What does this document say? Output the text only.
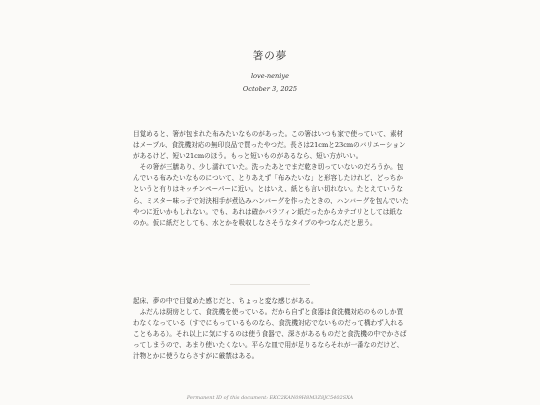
箸の夢
love-neniye
October 3, 2025

目覚めると、箸が包まれた布みたいなものがあった。この箸はいつも家で使っていて、素材はメープル、食洗機対応の無印良品で買ったやつだ。長さは21cmと23cmのバリエーションがあるけど、短い21cmのほう。もっと短いものがあるなら、短い方がいい。

その箸が三膳あり、少し濡れていた。洗ったあとでまだ乾き切っていないのだろうか。包んでいる布みたいなものについて、とりあえず「布みたいな」と形容したけれど、どっちかというと有りはキッチンペーパーに近い。とはいえ、紙とも言い切れない。たとえていうなら、ミスター味っ子で対決相手が煮込みハンバーグを作ったときの、ハンバーグを包んでいたやつに近いかもしれない。でも、あれは確かパラフィン紙だったからカテゴリとしては紙なのか。仮に紙だとしても、水とかを吸収しなさそうなタイプのやつなんだと思う。

起床、夢の中で目覚めた感じだと、ちょっと変な感じがある。

ふだんは厨房として、食洗機を使っている。だから自ずと食器は食洗機対応のものしか買わなくなっている（すでにもっているものなら、食洗機対応でないものだって構わず入れることもある）。それ以上に気にするのは使う食器で、深さがあるものだと食洗機の中でかさばってしまうので、あまり使いたくない。平らな皿で用が足りるならそれが一番なのだけど、汁物とかに使うならさすがに厳禁はある。

Permanent ID of this document: EKC2KAN09H8M3Z8JC5402SXA
